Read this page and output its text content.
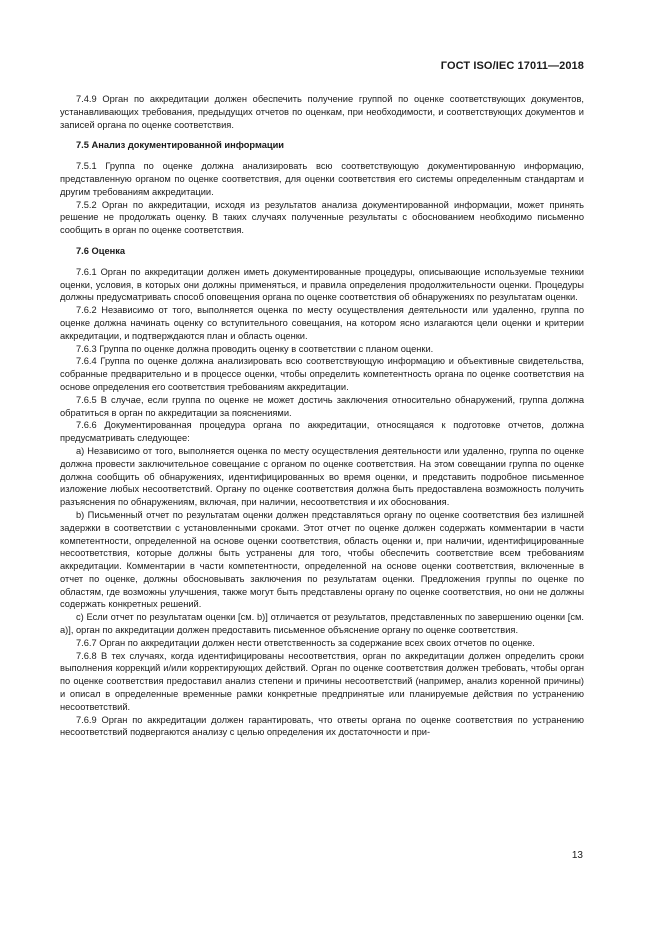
ГОСТ ISO/IEC 17011—2018

7.4.9 Орган по аккредитации должен обеспечить получение группой по оценке соответствующих документов, устанавливающих требования, предыдущих отчетов по оценкам, при необходимости, и соответствующих документов и записей органа по оценке соответствия.

7.5 Анализ документированной информации

7.5.1 Группа по оценке должна анализировать всю соответствующую документированную информацию, представленную органом по оценке соответствия, для оценки соответствия его системы определенным стандартам и другим требованиям аккредитации.

7.5.2 Орган по аккредитации, исходя из результатов анализа документированной информации, может принять решение не продолжать оценку. В таких случаях полученные результаты с обоснованием необходимо письменно сообщить в орган по оценке соответствия.

7.6 Оценка

7.6.1 Орган по аккредитации должен иметь документированные процедуры, описывающие используемые техники оценки, условия, в которых они должны применяться, и правила определения продолжительности оценки. Процедуры должны предусматривать способ оповещения органа по оценке соответствия об обнаружениях по результатам оценки.

7.6.2 Независимо от того, выполняется оценка по месту осуществления деятельности или удаленно, группа по оценке должна начинать оценку со вступительного совещания, на котором ясно излагаются цели оценки и критерии аккредитации, и подтверждаются план и область оценки.

7.6.3 Группа по оценке должна проводить оценку в соответствии с планом оценки.

7.6.4 Группа по оценке должна анализировать всю соответствующую информацию и объективные свидетельства, собранные предварительно и в процессе оценки, чтобы определить компетентность органа по оценке соответствия на основе определения его соответствия требованиям аккредитации.

7.6.5 В случае, если группа по оценке не может достичь заключения относительно обнаружений, группа должна обратиться в орган по аккредитации за пояснениями.

7.6.6 Документированная процедура органа по аккредитации, относящаяся к подготовке отчетов, должна предусматривать следующее:

a) Независимо от того, выполняется оценка по месту осуществления деятельности или удаленно, группа по оценке должна провести заключительное совещание с органом по оценке соответствия. На этом совещании группа по оценке должна сообщить об обнаружениях, идентифицированных во время оценки, и представить подробное письменное изложение любых несоответствий. Органу по оценке соответствия должна быть предоставлена возможность получить разъяснения по обнаружениям, включая, при наличии, несоответствия и их обоснования.

b) Письменный отчет по результатам оценки должен представляться органу по оценке соответствия без излишней задержки в соответствии с установленными сроками. Этот отчет по оценке должен содержать комментарии в части компетентности, определенной на основе оценки соответствия, область оценки и, при наличии, идентифицированные несоответствия, которые должны быть устранены для того, чтобы обеспечить соответствие всем требованиям аккредитации. Комментарии в части компетентности, определенной на основе оценки соответствия, включенные в отчет по оценке, должны обосновывать заключения по результатам оценки. Предложения группы по оценке по областям, где возможны улучшения, также могут быть представлены органу по оценке соответствия, но они не должны содержать конкретных решений.

c) Если отчет по результатам оценки [см. b)] отличается от результатов, представленных по завершению оценки [см. a)], орган по аккредитации должен предоставить письменное объяснение органу по оценке соответствия.

7.6.7 Орган по аккредитации должен нести ответственность за содержание всех своих отчетов по оценке.

7.6.8 В тех случаях, когда идентифицированы несоответствия, орган по аккредитации должен определить сроки выполнения коррекций и/или корректирующих действий. Орган по оценке соответствия должен требовать, чтобы орган по оценке соответствия предоставил анализ степени и причины несоответствий (например, анализ коренной причины) и описал в определенные временные рамки конкретные предпринятые или планируемые действия по устранению несоответствий.

7.6.9 Орган по аккредитации должен гарантировать, что ответы органа по оценке соответствия по устранению несоответствий подвергаются анализу с целью определения их достаточности и при-

13
